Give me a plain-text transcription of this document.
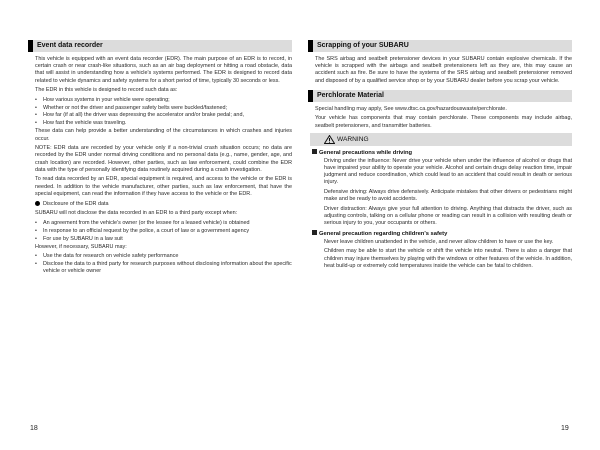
Event data recorder

This vehicle is equipped with an event data recorder (EDR). The main purpose of an EDR is to record, in certain crash or near crash-like situations, such as an air bag deployment or hitting a road obstacle, data that will assist in understanding how a vehicle's systems performed. The EDR is designed to record data related to vehicle dynamics and safety systems for a short period of time, typically 30 seconds or less.

The EDR in this vehicle is designed to record such data as:

• How various systems in your vehicle were operating;
• Whether or not the driver and passenger safety belts were buckled/fastened;
• How far (if at all) the driver was depressing the accelerator and/or brake pedal; and,
• How fast the vehicle was traveling.

These data can help provide a better understanding of the circumstances in which crashes and injuries occur.

NOTE: EDR data are recorded by your vehicle only if a non-trivial crash situation occurs; no data are recorded by the EDR under normal driving conditions and no personal data (e.g., name, gender, age, and crash location) are recorded. However, other parties, such as law enforcement, could combine the EDR data with the type of personally identifying data routinely acquired during a crash investigation.

To read data recorded by an EDR, special equipment is required, and access to the vehicle or the EDR is needed. In addition to the vehicle manufacturer, other parties, such as law enforcement, that have the special equipment, can read the information if they have access to the vehicle or the EDR.

Disclosure of the EDR data

SUBARU will not disclose the data recorded in an EDR to a third party except when:

• An agreement from the vehicle's owner (or the lessee for a leased vehicle) is obtained
• In response to an official request by the police, a court of law or a government agency
• For use by SUBARU in a law suit

However, if necessary, SUBARU may:

• Use the data for research on vehicle safety performance
• Disclose the data to a third party for research purposes without disclosing information about the specific vehicle or vehicle owner
Scrapping of your SUBARU

The SRS airbag and seatbelt pretensioner devices in your SUBARU contain explosive chemicals. If the vehicle is scrapped with the airbags and seatbelt pretensioners left as they are, this may cause an accident such as fire. Be sure to have the systems of the SRS airbag and seatbelt pretensioner removed and disposed of by a qualified service shop or by your SUBARU dealer before you scrap your vehicle.

Perchlorate Material

Special handling may apply, See www.dtsc.ca.gov/hazardouswaste/perchlorate.

Your vehicle has components that may contain perchlorate. These components may include airbag, seatbelt pretensioners, and transmitter batteries.

WARNING
General precautions while driving

Driving under the influence: Never drive your vehicle when under the influence of alcohol or drugs that have impaired your ability to operate your vehicle. Alcohol and certain drugs delay reaction time, impair judgment and reduce coordination, which could lead to an accident that could result in death or serious injury.

Defensive driving: Always drive defensively. Anticipate mistakes that other drivers or pedestrians might make and be ready to avoid accidents.

Driver distraction: Always give your full attention to driving. Anything that distracts the driver, such as adjusting controls, talking on a cellular phone or reading can result in a collision with resulting death or serious injury to you, your occupants or others.

General precaution regarding children's safety

Never leave children unattended in the vehicle, and never allow children to have or use the key.

Children may be able to start the vehicle or shift the vehicle into neutral. There is also a danger that children may injure themselves by playing with the windows or other features of the vehicle. In addition, heat build-up or extremely cold temperatures inside the vehicle can be fatal to children.

18	19
